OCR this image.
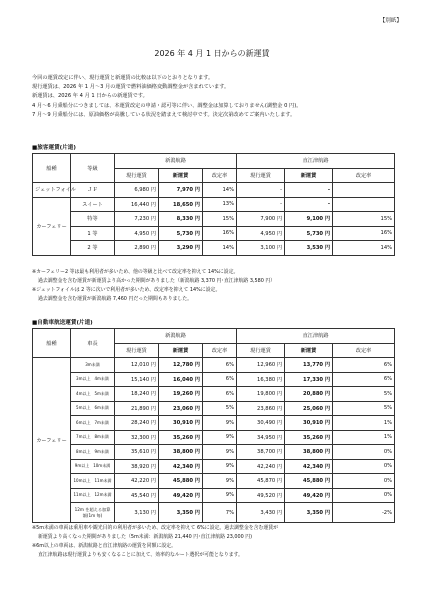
【別紙】
2026 年 4 月 1 日からの新運賃

今回の運賃改定に伴い、現行運賃と新運賃の比較は以下のとおりとなります。

現行運賃は、2026 年 1 月～3 月の運賃で燃料油価格変動調整金が含まれています。

新運賃は、2026 年 4 月 1 日からの新運賃です。

4 月～6 月乗船分につきましては、本運賃改定の申請・認可等に伴い、調整金は加算しておりません(調整金 0 円)。

7 月～9 月乗船分には、原油価格が高騰している状況を踏まえて検討中です。決定次第改めてご案内いたします。

■旅客運賃(片道)
船種	等級	新潟航路			直江津航路		
		現行運賃	新運賃	改定率	現行運賃	新運賃	改定率
ジェットフォイル	ＪＦ	6,980 円	7,970 円	14%	-	-	
カーフェリー	スイート	16,440 円	18,650 円	13%	-	-	
	特等	7,230 円	8,330 円	15%	7,900 円	9,100 円	15%
	1 等	4,950 円	5,730 円	16%	4,950 円	5,730 円	16%
	2 等	2,890 円	3,290 円	14%	3,100 円	3,530 円	14%

※カーフェリー2 等は最も利用者が多いため、他の等級と比べて改定率を抑えて 14%に設定。

過去調整金を含む運賃が新運賃より高かった期間がありました（新潟航路 3,370 円･直江津航路 3,580 円）

※ジェットフォイルは 2 等に次いで利用者が多いため、改定率を抑えて 14%に設定。

過去調整金を含む運賃が新潟航路 7,460 円だった期間もありました。

■自動車航送運賃(片道)
船種	車長	新潟航路			直江津航路		
		現行運賃	新運賃	改定率	現行運賃	新運賃	改定率
カーフェリー	3m未満	12,010 円	12,780 円	6%	12,960 円	13,770 円	6%
	3m以上　4m未満	15,140 円	16,040 円	6%	16,380 円	17,330 円	6%
	4m以上　5m未満	18,240 円	19,260 円	6%	19,800 円	20,880 円	5%
	5m以上　6m未満	21,890 円	23,060 円	5%	23,860 円	25,060 円	5%
	6m以上　7m未満	28,240 円	30,910 円	9%	30,490 円	30,910 円	1%
	7m以上　8m未満	32,300 円	35,260 円	9%	34,950 円	35,260 円	1%
	8m以上　9m未満	35,610 円	38,800 円	9%	38,700 円	38,800 円	0%
	9m以上　10m未満	38,920 円	42,340 円	9%	42,240 円	42,340 円	0%
	10m以上　11m未満	42,220 円	45,880 円	9%	45,870 円	45,880 円	0%
	11m以上　12m未満	45,540 円	49,420 円	9%	49,520 円	49,420 円	0%
	12m を超える加算額(1m 毎)	3,130 円	3,350 円	7%	3,430 円	3,350 円	-2%

※5m未満の車両は乗用車や観光目的の利用者が多いため、改定率を抑えて 6%に設定。過去調整金を含む運賃が

新運賃より高くなった期間がありました（5m未満：新潟航路 21,440 円･直江津航路 23,000 円)

※6m以上の車両は、新潟航路と直江津航路の運賃を同額に設定。

直江津航路は現行運賃よりも安くなることに加えて、効率的なルート選択が可能となります。
